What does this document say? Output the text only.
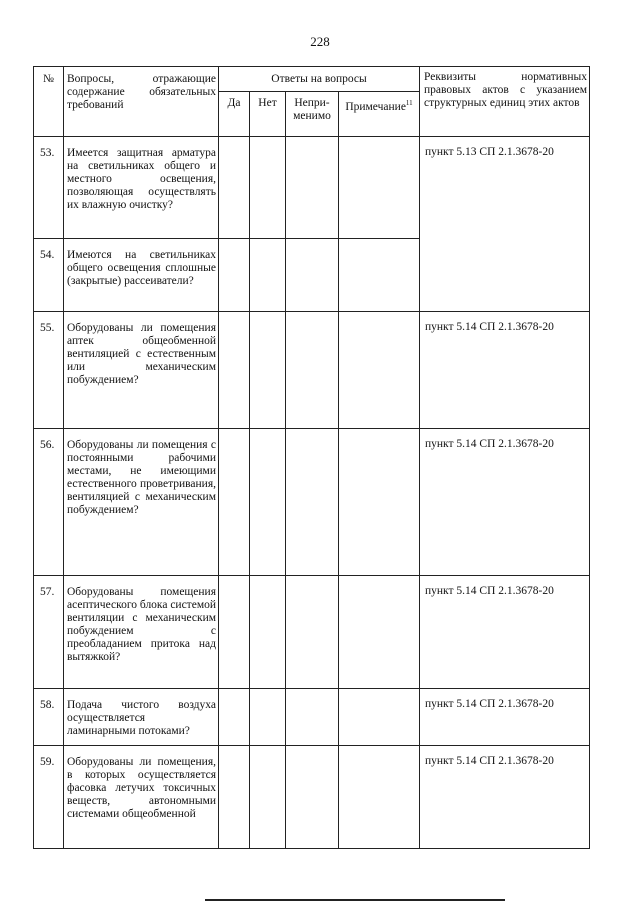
228
№	Вопросы, отражающие содержание обязательных требований	Ответы на вопросы				Реквизиты нормативных правовых актов с указанием структурных единиц этих актов
		Да	Нет	Непри-менимо	Примечание$^{11}$
53.	Имеется защитная арматура на светильниках общего и местного освещения, позволяющая осуществлять их влажную очистку?					пункт 5.13 СП 2.1.3678-20
54.	Имеются на светильниках общего освещения сплошные (закрытые) рассеиватели?					
55.	Оборудованы ли помещения аптек общеобменной вентиляцией с естественным или механическим побуждением?					пункт 5.14 СП 2.1.3678-20
56.	Оборудованы ли помещения с постоянными рабочими местами, не имеющими естественного проветривания, вентиляцией с механическим побуждением?					пункт 5.14 СП 2.1.3678-20
57.	Оборудованы помещения асептического блока системой вентиляции с механическим побуждением с преобладанием притока над вытяжкой?					пункт 5.14 СП 2.1.3678-20
58.	Подача чистого воздуха осуществляется ламинарными потоками?					пункт 5.14 СП 2.1.3678-20
59.	Оборудованы ли помещения, в которых осуществляется фасовка летучих токсичных веществ, автономными системами общеобменной					пункт 5.14 СП 2.1.3678-20
